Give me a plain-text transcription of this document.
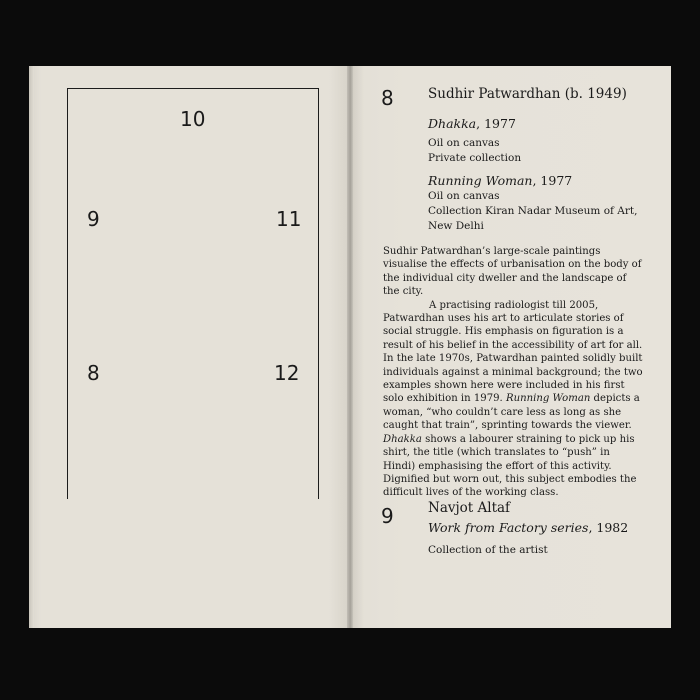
10
9	11
8	12
8	Sudhir Patwardhan (b. 1949)
Dhakka, 1977
Oil on canvas
Private collection
Running Woman, 1977
Oil on canvas
Collection Kiran Nadar Museum of Art,
New Delhi

Sudhir Patwardhan’s large-scale paintings visualise the effects of urbanisation on the body of the individual city dweller and the landscape of the city.

A practising radiologist till 2005, Patwardhan uses his art to articulate stories of social struggle. His emphasis on figuration is a result of his belief in the accessibility of art for all. In the late 1970s, Patwardhan painted solidly built individuals against a minimal background; the two examples shown here were included in his first solo exhibition in 1979. Running Woman depicts a woman, “who couldn’t care less as long as she caught that train”, sprinting towards the viewer. Dhakka shows a labourer straining to pick up his shirt, the title (which translates to “push” in Hindi) emphasising the effort of this activity. Dignified but worn out, this subject embodies the difficult lives of the working class.

9	Navjot Altaf
Work from Factory series, 1982
Collection of the artist
